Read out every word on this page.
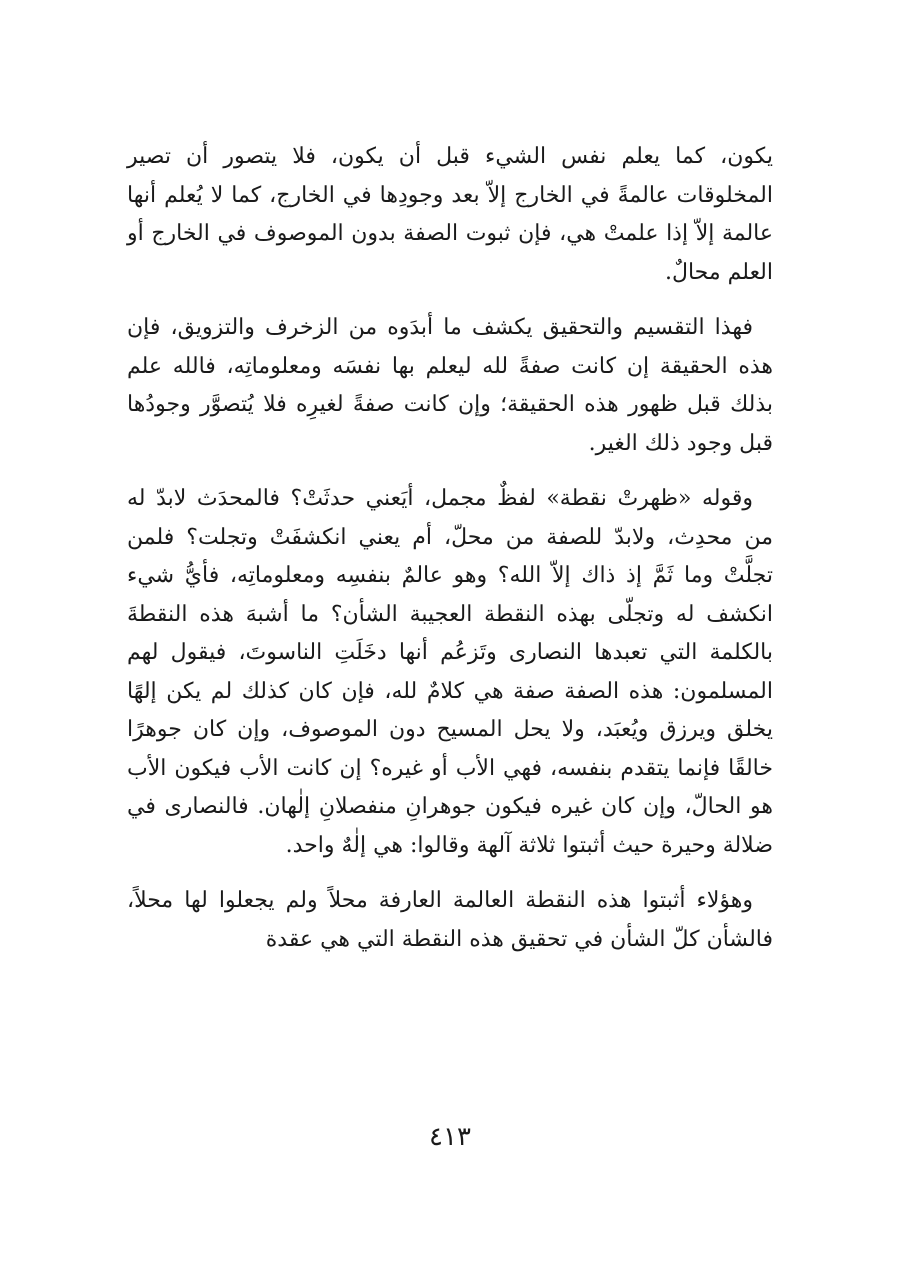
يكون، كما يعلم نفس الشيء قبل أن يكون، فلا يتصور أن تصير المخلوقات عالمةً في الخارج إلاّ بعد وجودِها في الخارج، كما لا يُعلم أنها عالمة إلاّ إذا علمتْ هي، فإن ثبوت الصفة بدون الموصوف في الخارج أو العلم محالٌ.

فهذا التقسيم والتحقيق يكشف ما أبدَوه من الزخرف والتزويق، فإن هذه الحقيقة إن كانت صفةً لله ليعلم بها نفسَه ومعلوماتِه، فالله علم بذلك قبل ظهور هذه الحقيقة؛ وإن كانت صفةً لغيرِه فلا يُتصوَّر وجودُها قبل وجود ذلك الغير.

وقوله «ظهرتْ نقطة» لفظٌ مجمل، أيَعني حدثَتْ؟ فالمحدَث لابدّ له من محدِث، ولابدّ للصفة من محلّ، أم يعني انكشفَتْ وتجلت؟ فلمن تجلَّتْ وما ثَمَّ إذ ذاك إلاّ الله؟ وهو عالمٌ بنفسِه ومعلوماتِه، فأيُّ شيء انكشف له وتجلّى بهذه النقطة العجيبة الشأن؟ ما أشبهَ هذه النقطةَ بالكلمة التي تعبدها النصارى وتَزعُم أنها دخَلَتِ الناسوتَ، فيقول لهم المسلمون: هذه الصفة صفة هي كلامٌ لله، فإن كان كذلك لم يكن إلهًا يخلق ويرزق ويُعبَد، ولا يحل المسيح دون الموصوف، وإن كان جوهرًا خالقًا فإنما يتقدم بنفسه، فهي الأب أو غيره؟ إن كانت الأب فيكون الأب هو الحالّ، وإن كان غيره فيكون جوهرانِ منفصلانِ إلٰهان. فالنصارى في ضلالة وحيرة حيث أثبتوا ثلاثة آلهة وقالوا: هي إلٰهٌ واحد.

وهؤلاء أثبتوا هذه النقطة العالمة العارفة محلاً ولم يجعلوا لها محلاً، فالشأن كلّ الشأن في تحقيق هذه النقطة التي هي عقدة

٤١٣
